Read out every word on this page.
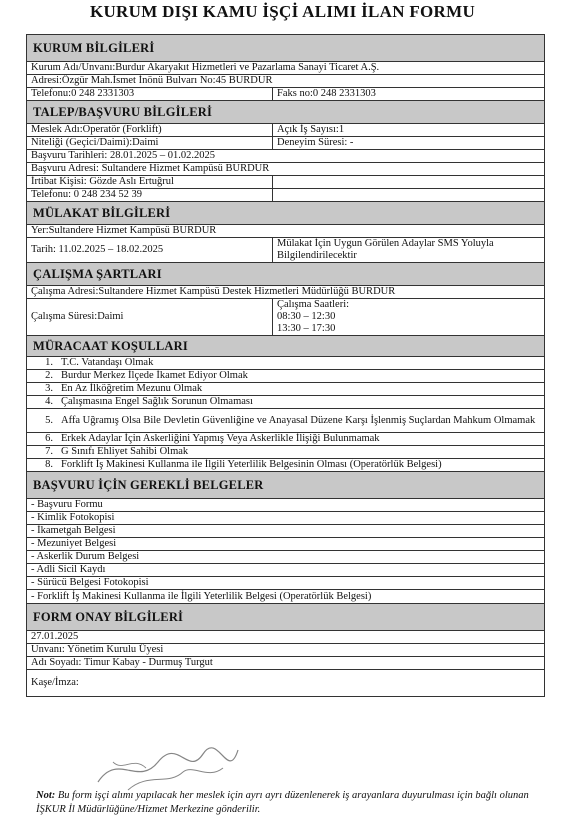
KURUM DIŞI KAMU İŞÇİ ALIMI İLAN FORMU
KURUM BİLGİLERİ	
Kurum Adı/Unvanı:Burdur Akaryakıt Hizmetleri ve Pazarlama Sanayi Ticaret A.Ş.	
Adresi:Özgür Mah.İsmet İnönü Bulvarı No:45 BURDUR	
Telefonu:0 248 2331303	Faks no:0 248 2331303
TALEP/BAŞVURU BİLGİLERİ	
Meslek Adı:Operatör (Forklift)	Açık İş Sayısı:1
Niteliği (Geçici/Daimi):Daimi	Deneyim Süresi: -
Başvuru Tarihleri: 28.01.2025 – 01.02.2025	
Başvuru Adresi: Sultandere Hizmet Kampüsü BURDUR	
İrtibat Kişisi: Gözde Aslı Ertuğrul	
Telefonu: 0 248 234 52 39	
MÜLAKAT BİLGİLERİ	
Yer:Sultandere Hizmet Kampüsü BURDUR	
Tarih: 11.02.2025 – 18.02.2025	Mülakat İçin Uygun Görülen Adaylar SMS Yoluyla Bilgilendirilecektir
ÇALIŞMA ŞARTLARI	
Çalışma Adresi:Sultandere Hizmet Kampüsü Destek Hizmetleri Müdürlüğü BURDUR	
Çalışma Süresi:Daimi	Çalışma Saatleri:
08:30 – 12:30
13:30 – 17:30

MÜRACAAT KOŞULLARI	
1. T.C. Vatandaşı Olmak	
2. Burdur Merkez İlçede İkamet Ediyor Olmak	
3. En Az İlköğretim Mezunu Olmak	
4. Çalışmasına Engel Sağlık Sorunun Olmaması	
5. Affa Uğramış Olsa Bile Devletin Güvenliğine ve Anayasal Düzene Karşı İşlenmiş Suçlardan Mahkum Olmamak	
6. Erkek Adaylar İçin Askerliğini Yapmış Veya Askerlikle İlişiği Bulunmamak	
7. G Sınıfı Ehliyet Sahibi Olmak	
8. Forklift İş Makinesi Kullanma ile İlgili Yeterlilik Belgesinin Olması (Operatörlük Belgesi)	
BAŞVURU İÇİN GEREKLİ BELGELER	
- Başvuru Formu	
- Kimlik Fotokopisi	
- İkametgah Belgesi	
- Mezuniyet Belgesi	
- Askerlik Durum Belgesi	
- Adli Sicil Kaydı	
- Sürücü Belgesi Fotokopisi	
- Forklift İş Makinesi Kullanma ile İlgili Yeterlilik Belgesi (Operatörlük Belgesi)	
FORM ONAY BİLGİLERİ	
27.01.2025	
Unvanı: Yönetim Kurulu Üyesi	
Adı Soyadı: Timur Kabay - Durmuş Turgut	
Kaşe/İmza:	
Not: Bu form işçi alımı yapılacak her meslek için ayrı ayrı düzenlenerek iş arayanlara duyurulması için bağlı olunan İŞKUR İl Müdürlüğüne/Hizmet Merkezine gönderilir.
